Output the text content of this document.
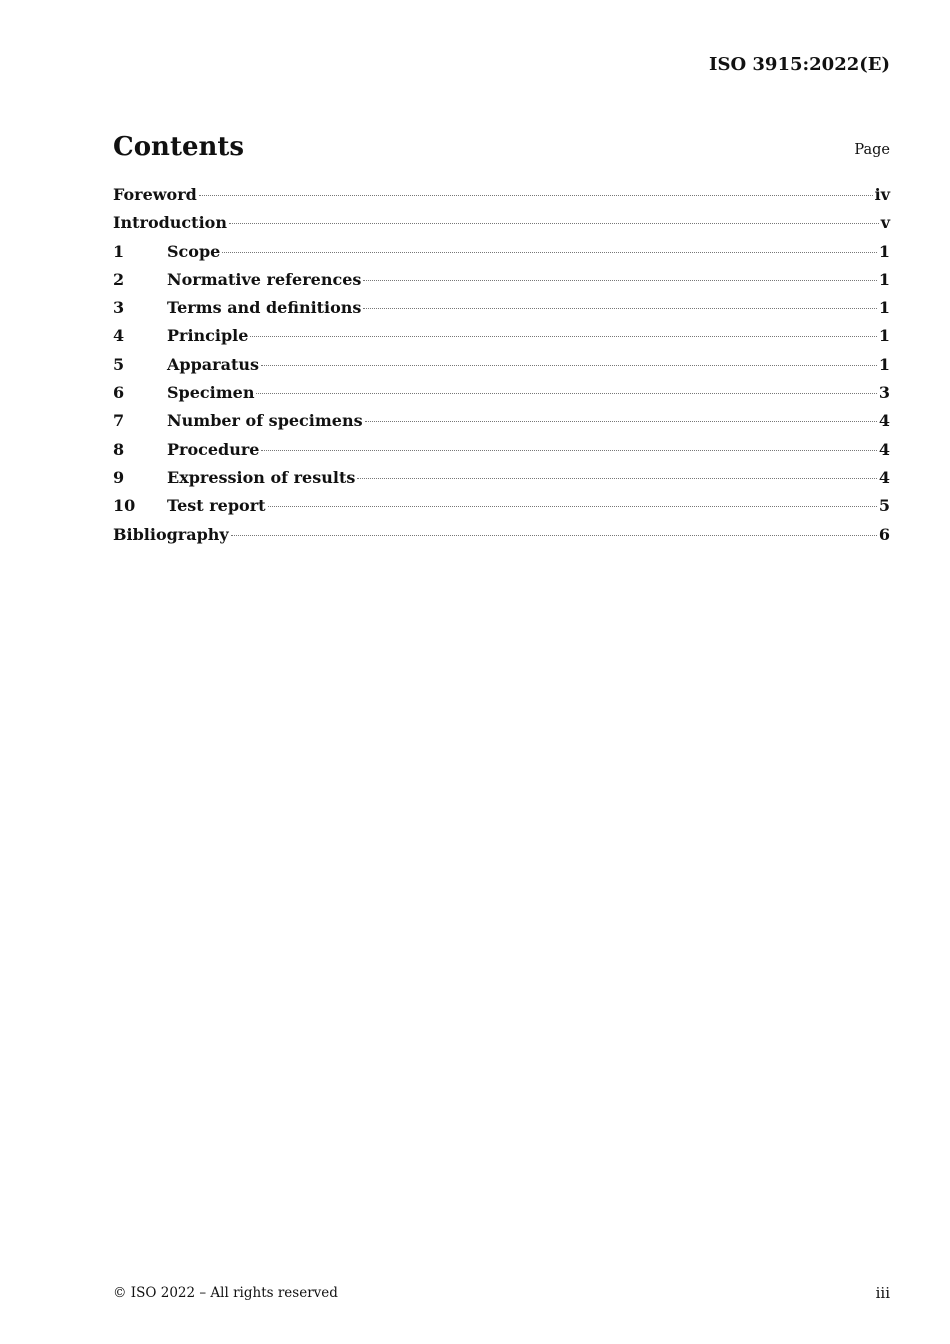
ISO 3915:2022(E)
Contents	Page
Foreword	iv
Introduction	v
1	Scope	1
2	Normative references	1
3	Terms and definitions	1
4	Principle	1
5	Apparatus	1
6	Specimen	3
7	Number of specimens	4
8	Procedure	4
9	Expression of results	4
10	Test report	5
Bibliography	6
© ISO 2022 – All rights reserved	iii
